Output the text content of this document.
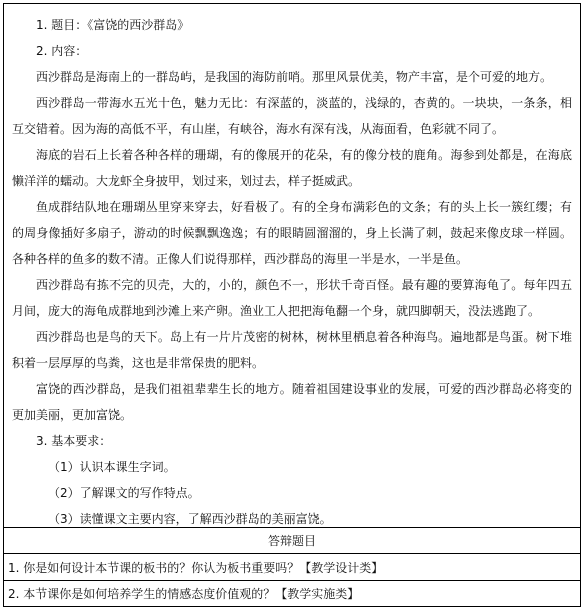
1. 题目：《富饶的西沙群岛》
2. 内容：
西沙群岛是海南上的一群岛屿，是我国的海防前哨。那里风景优美，物产丰富，是个可爱的地方。
西沙群岛一带海水五光十色，魅力无比：有深蓝的，淡蓝的，浅绿的，杏黄的。一块块，一条条，相互交错着。因为海的高低不平，有山崖，有峡谷，海水有深有浅，从海面看，色彩就不同了。
海底的岩石上长着各种各样的珊瑚，有的像展开的花朵，有的像分枝的鹿角。海参到处都是，在海底懒洋洋的蠕动。大龙虾全身披甲，划过来，划过去，样子挺威武。
鱼成群结队地在珊瑚丛里穿来穿去，好看极了。有的全身布满彩色的文条；有的头上长一簇红缨；有的周身像插好多扇子，游动的时候飘飘逸逸；有的眼睛圆溜溜的，身上长满了刺，鼓起来像皮球一样圆。各种各样的鱼多的数不清。正像人们说得那样，西沙群岛的海里一半是水，一半是鱼。
西沙群岛有拣不完的贝壳，大的，小的，颜色不一，形状千奇百怪。最有趣的要算海龟了。每年四五月间，庞大的海龟成群地到沙滩上来产卵。渔业工人把把海龟翻一个身，就四脚朝天，没法逃跑了。
西沙群岛也是鸟的天下。岛上有一片片茂密的树林，树林里栖息着各种海鸟。遍地都是鸟蛋。树下堆积着一层厚厚的鸟粪，这也是非常保贵的肥料。
富饶的西沙群岛，是我们祖祖辈辈生长的地方。随着祖国建设事业的发展，可爱的西沙群岛必将变的更加美丽，更加富饶。
3. 基本要求：
（1）认识本课生字词。
（2）了解课文的写作特点。
（3）读懂课文主要内容，了解西沙群岛的美丽富饶。
答辩题目
1. 你是如何设计本节课的板书的？你认为板书重要吗？【教学设计类】
2. 本节课你是如何培养学生的情感态度价值观的？【教学实施类】
